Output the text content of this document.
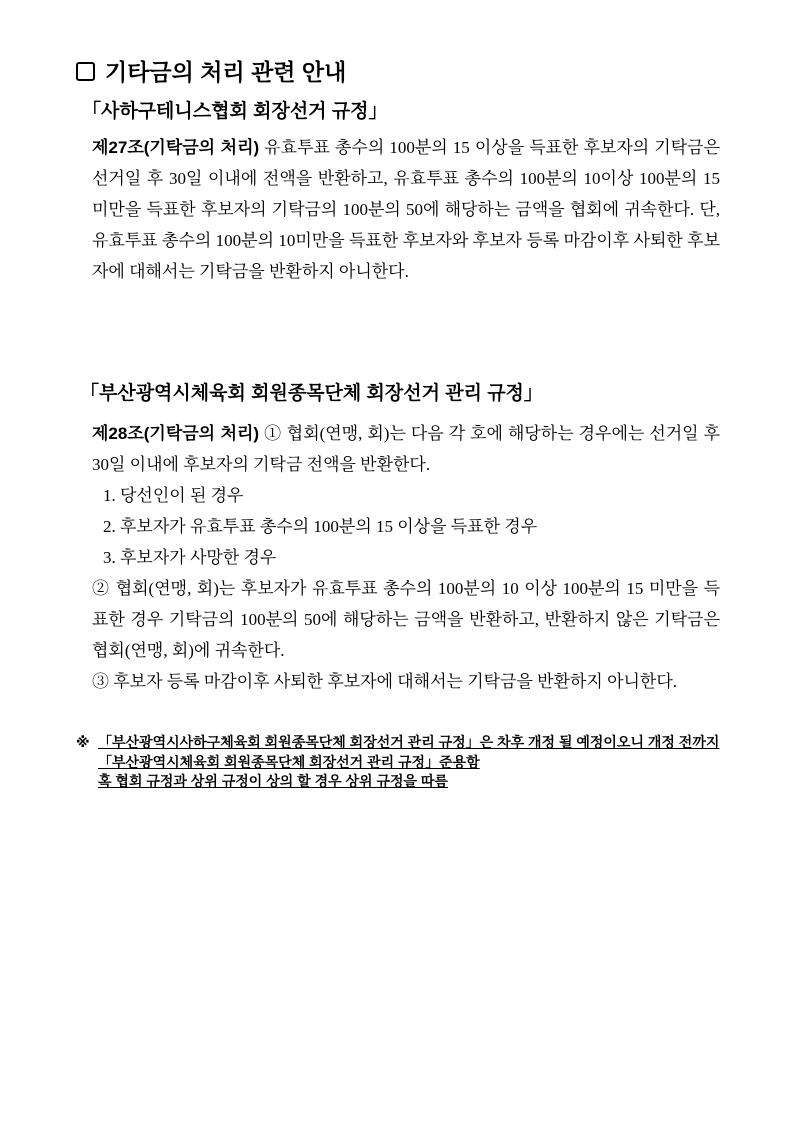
기타금의 처리 관련 안내
「사하구테니스협회 회장선거 규정」

제27조(기탁금의 처리) 유효투표 총수의 100분의 15 이상을 득표한 후보자의 기탁금은 선거일 후 30일 이내에 전액을 반환하고, 유효투표 총수의 100분의 10이상 100분의 15 미만을 득표한 후보자의 기탁금의 100분의 50에 해당하는 금액을 협회에 귀속한다. 단, 유효투표 총수의 100분의 10미만을 득표한 후보자와 후보자 등록 마감이후 사퇴한 후보자에 대해서는 기탁금을 반환하지 아니한다.

「부산광역시체육회 회원종목단체 회장선거 관리 규정」

제28조(기탁금의 처리) ① 협회(연맹, 회)는 다음 각 호에 해당하는 경우에는 선거일 후 30일 이내에 후보자의 기탁금 전액을 반환한다.

1. 당선인이 된 경우
2. 후보자가 유효투표 총수의 100분의 15 이상을 득표한 경우
3. 후보자가 사망한 경우

② 협회(연맹, 회)는 후보자가 유효투표 총수의 100분의 10 이상 100분의 15 미만을 득표한 경우 기탁금의 100분의 50에 해당하는 금액을 반환하고, 반환하지 않은 기탁금은 협회(연맹, 회)에 귀속한다.

③ 후보자 등록 마감이후 사퇴한 후보자에 대해서는 기탁금을 반환하지 아니한다.

※ 「부산광역시사하구체육회 회원종목단체 회장선거 관리 규정」은 차후 개정 될 예정이오니 개정 전까지「부산광역시체육회 회원종목단체 회장선거 관리 규정」준용함
혹 협회 규정과 상위 규정이 상의 할 경우 상위 규정을 따름
